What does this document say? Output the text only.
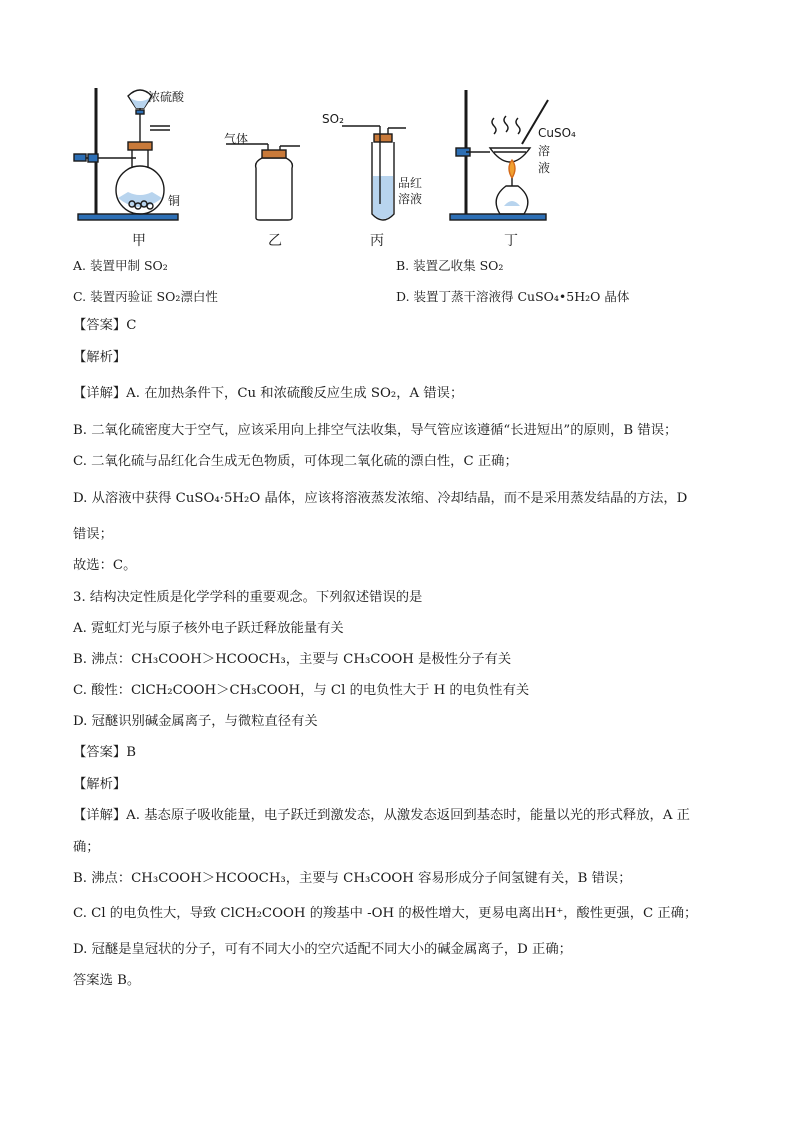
浓硫酸
铜
气体
SO₂
品红
溶液
CuSO₄
溶液
甲	乙	丙	丁
A. 装置甲制 SO₂	B. 装置乙收集 SO₂
C. 装置丙验证 SO₂漂白性	D. 装置丁蒸干溶液得 CuSO₄•5H₂O 晶体
【答案】C
【解析】
【详解】A. 在加热条件下，Cu 和浓硫酸反应生成 SO₂，A 错误；
B. 二氧化硫密度大于空气，应该采用向上排空气法收集，导气管应该遵循“长进短出”的原则，B 错误；
C. 二氧化硫与品红化合生成无色物质，可体现二氧化硫的漂白性，C 正确；
D. 从溶液中获得 CuSO₄·5H₂O 晶体，应该将溶液蒸发浓缩、冷却结晶，而不是采用蒸发结晶的方法，D
错误；
故选：C。
3. 结构决定性质是化学学科的重要观念。下列叙述错误的是
A. 霓虹灯光与原子核外电子跃迁释放能量有关
B. 沸点：CH₃COOH＞HCOOCH₃，主要与 CH₃COOH 是极性分子有关
C. 酸性：ClCH₂COOH＞CH₃COOH，与 Cl 的电负性大于 H 的电负性有关
D. 冠醚识别碱金属离子，与微粒直径有关
【答案】B
【解析】
【详解】A. 基态原子吸收能量，电子跃迁到激发态，从激发态返回到基态时，能量以光的形式释放，A 正
确；
B. 沸点：CH₃COOH＞HCOOCH₃，主要与 CH₃COOH 容易形成分子间氢键有关，B 错误；
C. Cl 的电负性大，导致 ClCH₂COOH 的羧基中 -OH 的极性增大，更易电离出H⁺，酸性更强，C 正确；
D. 冠醚是皇冠状的分子，可有不同大小的空穴适配不同大小的碱金属离子，D 正确；
答案选 B。
